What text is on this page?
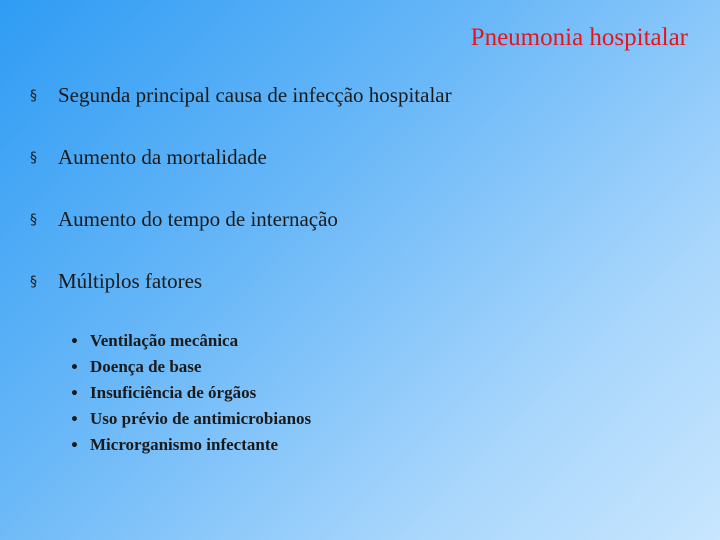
Pneumonia hospitalar
§ Segunda principal causa de infecção hospitalar
§ Aumento da mortalidade
§ Aumento do tempo de internação
§ Múltiplos fatores
• Ventilação mecânica
• Doença de base
• Insuficiência de órgãos
• Uso prévio de antimicrobianos
• Microrganismo infectante
